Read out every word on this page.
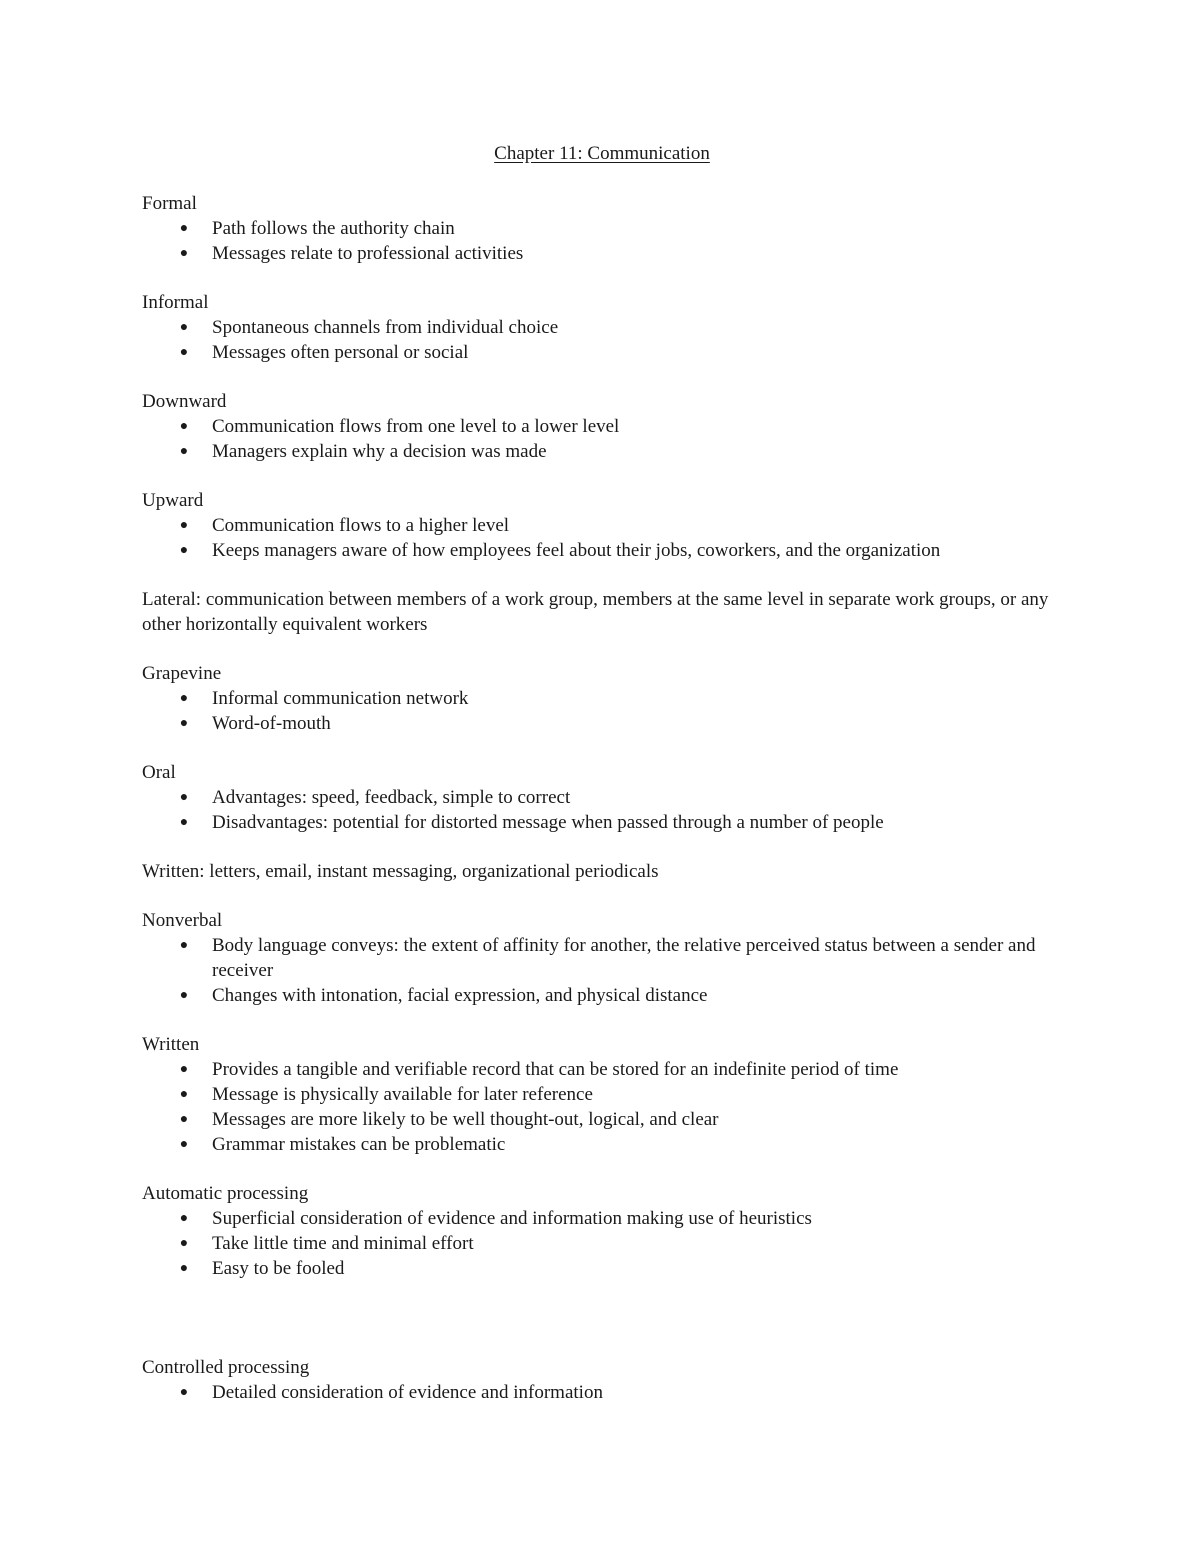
Chapter 11: Communication
Formal
● Path follows the authority chain
● Messages relate to professional activities
Informal
● Spontaneous channels from individual choice
● Messages often personal or social
Downward
● Communication flows from one level to a lower level
● Managers explain why a decision was made
Upward
● Communication flows to a higher level
● Keeps managers aware of how employees feel about their jobs, coworkers, and the organization
Lateral: communication between members of a work group, members at the same level in separate work groups, or any other horizontally equivalent workers
Grapevine
● Informal communication network
● Word-of-mouth
Oral
● Advantages: speed, feedback, simple to correct
● Disadvantages: potential for distorted message when passed through a number of people
Written: letters, email, instant messaging, organizational periodicals
Nonverbal
● Body language conveys: the extent of affinity for another, the relative perceived status between a sender and receiver
● Changes with intonation, facial expression, and physical distance
Written
● Provides a tangible and verifiable record that can be stored for an indefinite period of time
● Message is physically available for later reference
● Messages are more likely to be well thought-out, logical, and clear
● Grammar mistakes can be problematic
Automatic processing
● Superficial consideration of evidence and information making use of heuristics
● Take little time and minimal effort
● Easy to be fooled
Controlled processing
● Detailed consideration of evidence and information
